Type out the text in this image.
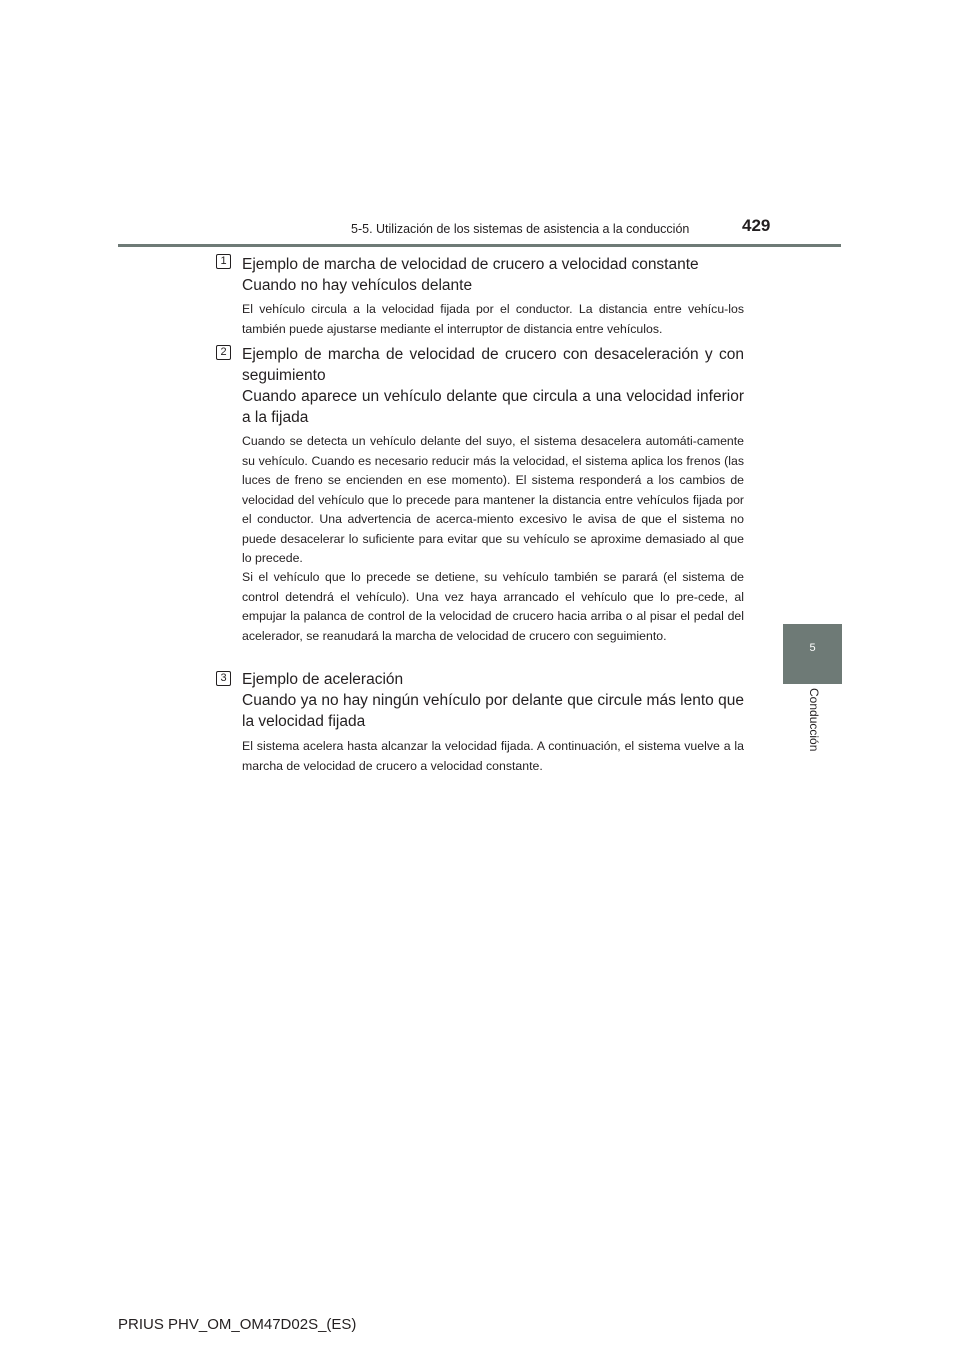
5-5. Utilización de los sistemas de asistencia a la conducción	429
5
Conducción
1 Ejemplo de marcha de velocidad de crucero a velocidad constante
Cuando no hay vehículos delante

El vehículo circula a la velocidad fijada por el conductor. La distancia entre vehícu-los también puede ajustarse mediante el interruptor de distancia entre vehículos.

2 Ejemplo de marcha de velocidad de crucero con desaceleración y con seguimiento
Cuando aparece un vehículo delante que circula a una velocidad inferior a la fijada

Cuando se detecta un vehículo delante del suyo, el sistema desacelera automáti-camente su vehículo. Cuando es necesario reducir más la velocidad, el sistema aplica los frenos (las luces de freno se encienden en ese momento). El sistema responderá a los cambios de velocidad del vehículo que lo precede para mantener la distancia entre vehículos fijada por el conductor. Una advertencia de acerca-miento excesivo le avisa de que el sistema no puede desacelerar lo suficiente para evitar que su vehículo se aproxime demasiado al que lo precede.

Si el vehículo que lo precede se detiene, su vehículo también se parará (el sistema de control detendrá el vehículo). Una vez haya arrancado el vehículo que lo pre-cede, al empujar la palanca de control de la velocidad de crucero hacia arriba o al pisar el pedal del acelerador, se reanudará la marcha de velocidad de crucero con seguimiento.

3 Ejemplo de aceleración
Cuando ya no hay ningún vehículo por delante que circule más lento que la velocidad fijada

El sistema acelera hasta alcanzar la velocidad fijada. A continuación, el sistema vuelve a la marcha de velocidad de crucero a velocidad constante.

PRIUS PHV_OM_OM47D02S_(ES)
